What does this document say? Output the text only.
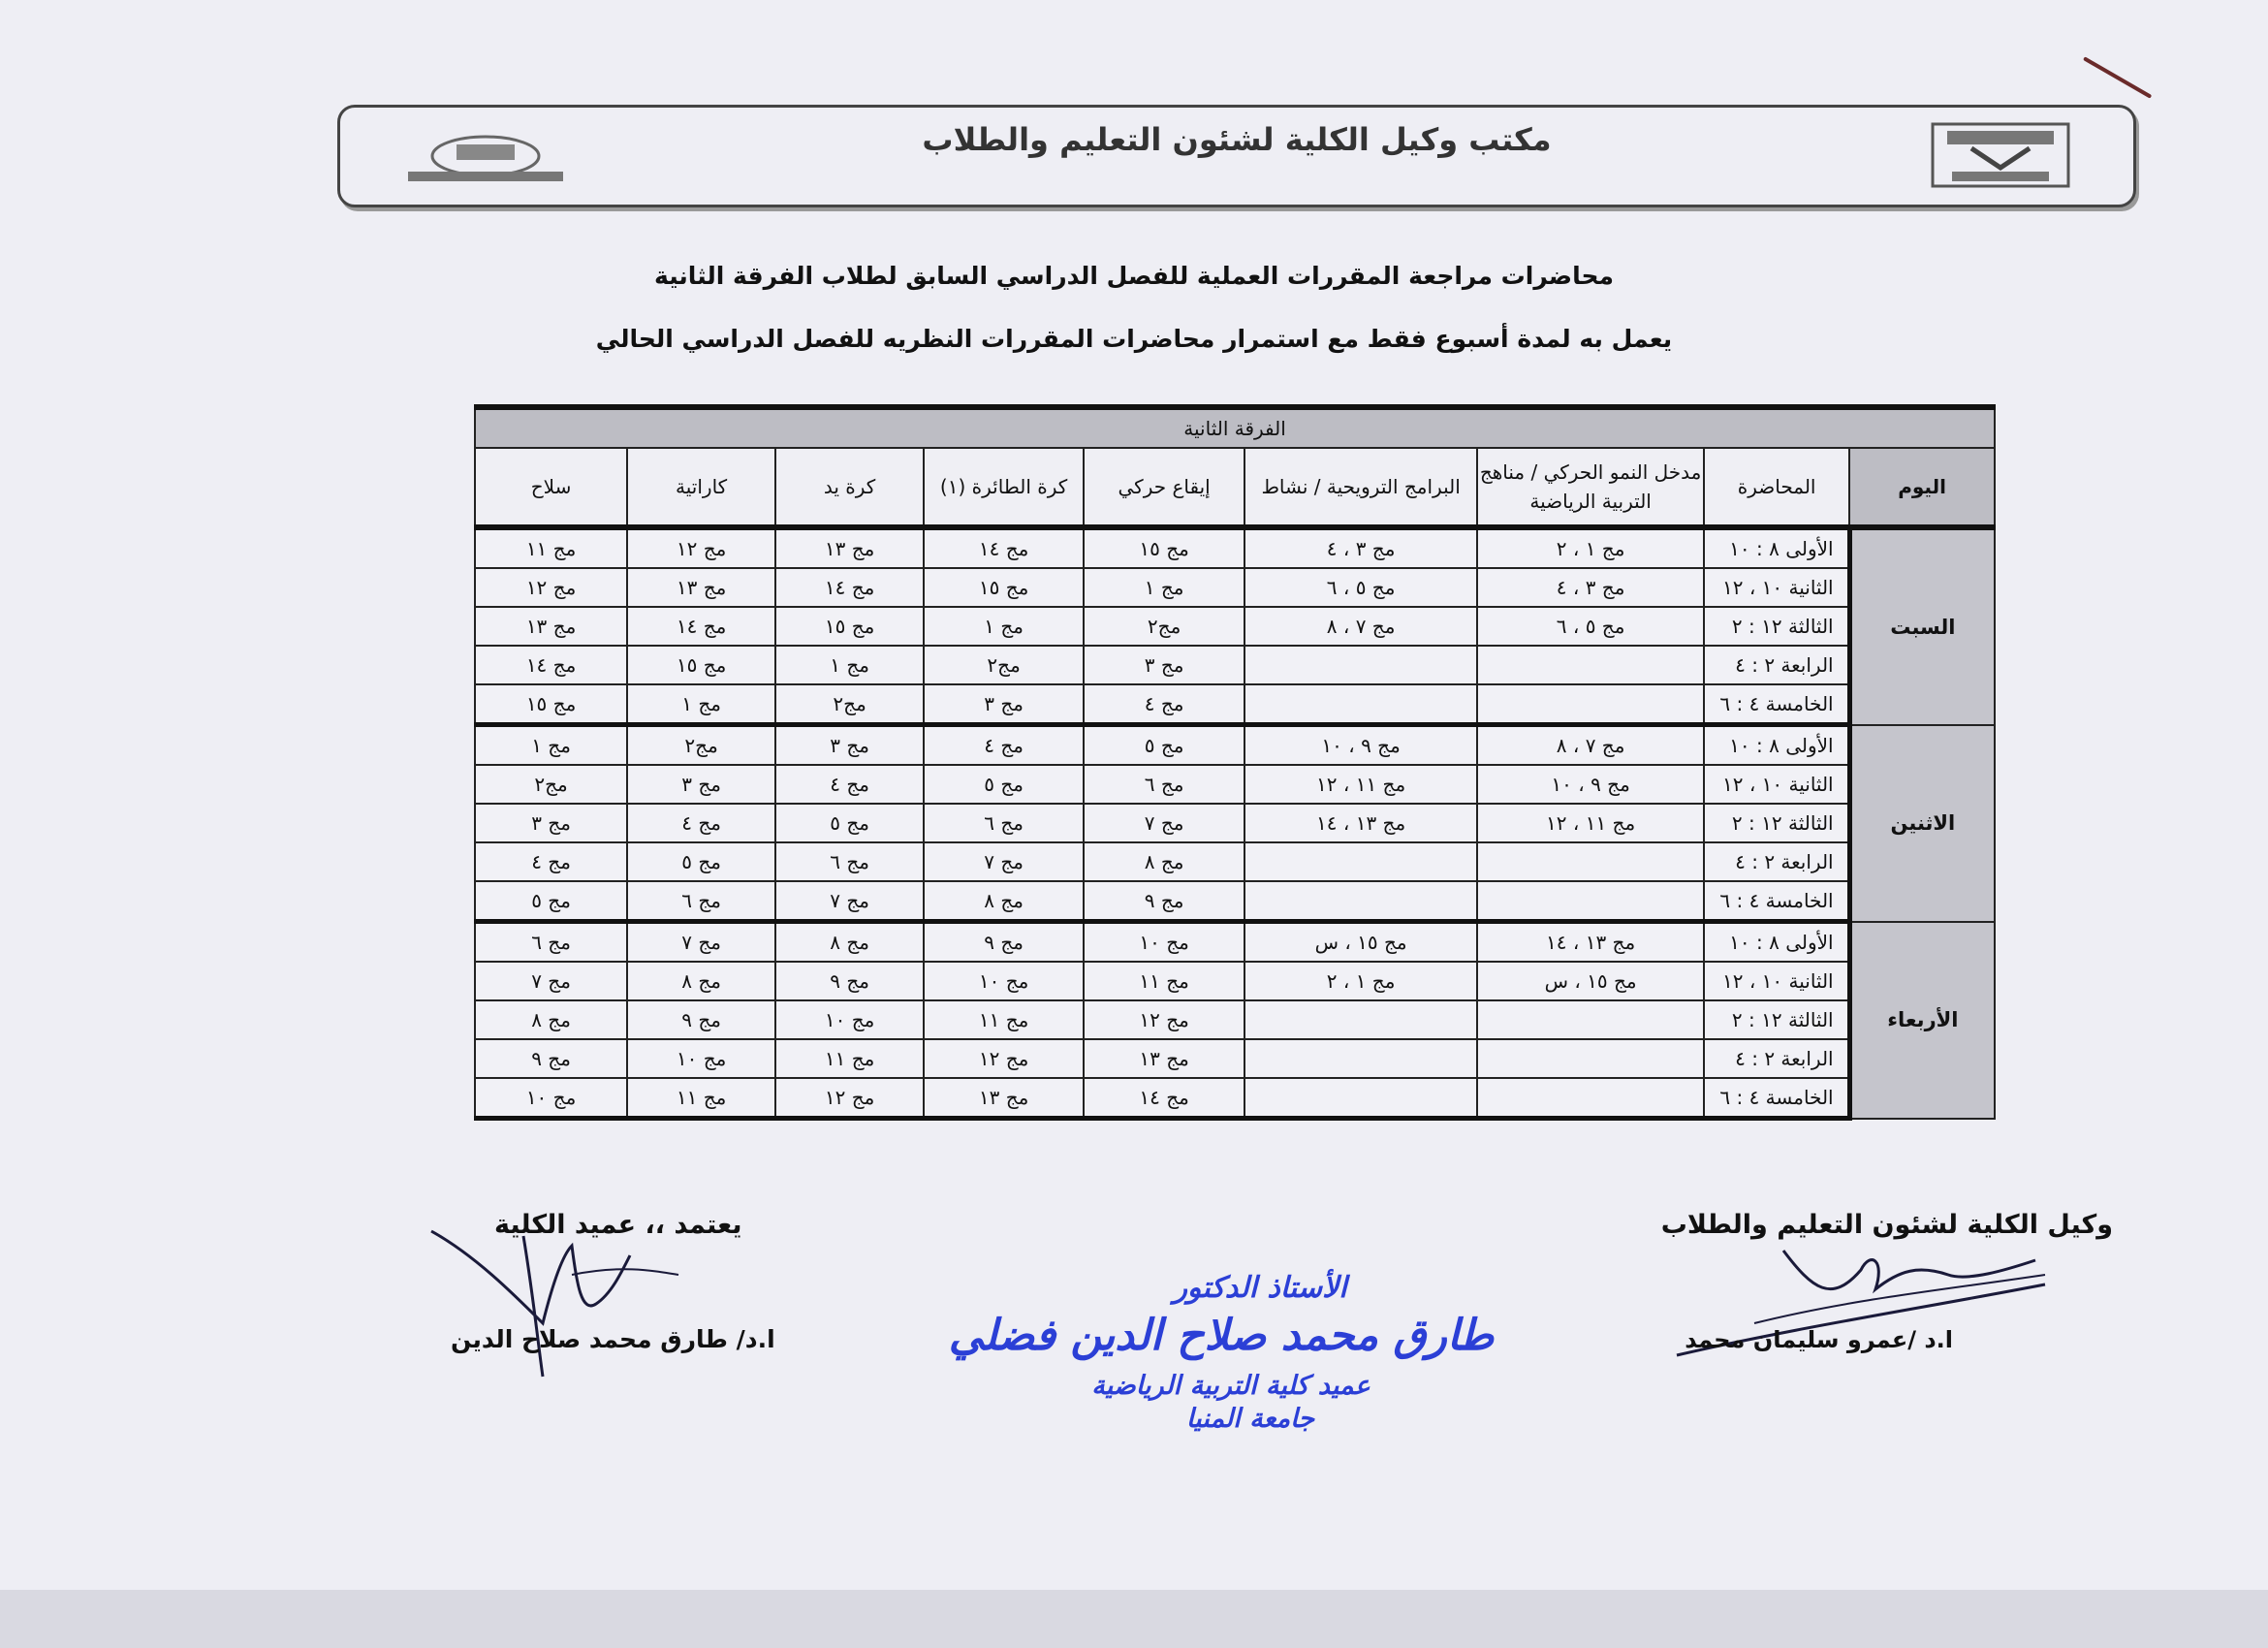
مكتب وكيل الكلية لشئون التعليم والطلاب
محاضرات مراجعة المقررات العملية للفصل الدراسي السابق لطلاب الفرقة الثانية
يعمل به لمدة أسبوع فقط مع استمرار محاضرات المقررات النظريه للفصل الدراسي الحالي
الفرقة الثانية								
اليوم	المحاضرة	مدخل النمو الحركي / مناهج التربية الرياضية	البرامج الترويحية / نشاط	إيقاع حركي	كرة الطائرة (١)	كرة يد	كاراتية	سلاح
السبت	الأولى ٨ : ١٠	مج ١ ، ٢	مج ٣ ، ٤	مج ١٥	مج ١٤	مج ١٣	مج ١٢	مج ١١
	الثانية ١٠ ، ١٢	مج ٣ ، ٤	مج ٥ ، ٦	مج ١	مج ١٥	مج ١٤	مج ١٣	مج ١٢
	الثالثة ١٢ : ٢	مج ٥ ، ٦	مج ٧ ، ٨	مج٢	مج ١	مج ١٥	مج ١٤	مج ١٣
	الرابعة ٢ : ٤			مج ٣	مج٢	مج ١	مج ١٥	مج ١٤
	الخامسة ٤ : ٦			مج ٤	مج ٣	مج٢	مج ١	مج ١٥
الاثنين	الأولى ٨ : ١٠	مج ٧ ، ٨	مج ٩ ، ١٠	مج ٥	مج ٤	مج ٣	مج٢	مج ١
	الثانية ١٠ ، ١٢	مج ٩ ، ١٠	مج ١١ ، ١٢	مج ٦	مج ٥	مج ٤	مج ٣	مج٢
	الثالثة ١٢ : ٢	مج ١١ ، ١٢	مج ١٣ ، ١٤	مج ٧	مج ٦	مج ٥	مج ٤	مج ٣
	الرابعة ٢ : ٤			مج ٨	مج ٧	مج ٦	مج ٥	مج ٤
	الخامسة ٤ : ٦			مج ٩	مج ٨	مج ٧	مج ٦	مج ٥
الأربعاء	الأولى ٨ : ١٠	مج ١٣ ، ١٤	مج ١٥ ، س	مج ١٠	مج ٩	مج ٨	مج ٧	مج ٦
	الثانية ١٠ ، ١٢	مج ١٥ ، س	مج ١ ، ٢	مج ١١	مج ١٠	مج ٩	مج ٨	مج ٧
	الثالثة ١٢ : ٢			مج ١٢	مج ١١	مج ١٠	مج ٩	مج ٨
	الرابعة ٢ : ٤			مج ١٣	مج ١٢	مج ١١	مج ١٠	مج ٩
	الخامسة ٤ : ٦			مج ١٤	مج ١٣	مج ١٢	مج ١١	مج ١٠
وكيل الكلية لشئون التعليم والطلاب
ا.د /عمرو سليمان محمد
يعتمد ،، عميد الكلية
ا.د/ طارق محمد صلاح الدين
الأستاذ الدكتور
طارق محمد صلاح الدين فضلي
عميد كلية التربية الرياضية
جامعة المنيا
